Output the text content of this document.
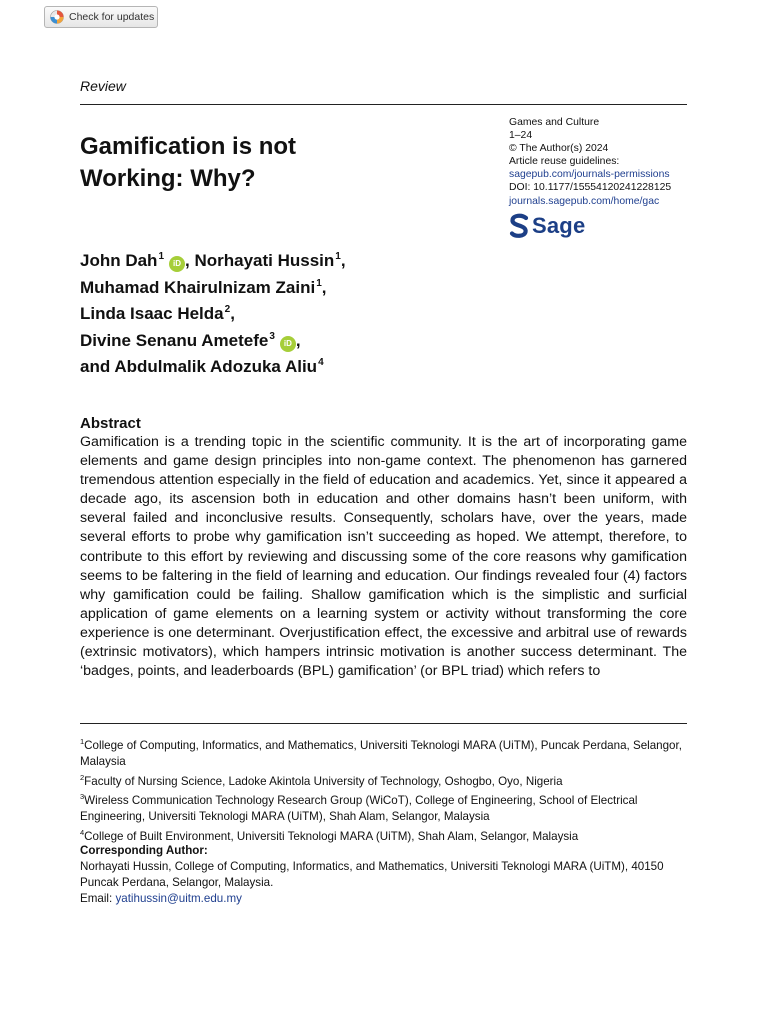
Check for updates
Review
Games and Culture
1–24
© The Author(s) 2024
Article reuse guidelines:
sagepub.com/journals-permissions
DOI: 10.1177/15554120241228125
journals.sagepub.com/home/gac
Sage
Gamification is not
Working: Why?
John Dah$^1$iD , Norhayati Hussin$^1$,
Muhamad Khairulnizam Zaini$^1$,
Linda Isaac Helda$^2$,
Divine Senanu Ametefe$^3$iD ,
and Abdulmalik Adozuka Aliu$^4$
Abstract
Gamification is a trending topic in the scientific community. It is the art of incorporating game elements and game design principles into non-game context. The phenomenon has garnered tremendous attention especially in the field of education and academics. Yet, since it appeared a decade ago, its ascension both in education and other domains hasn’t been uniform, with several failed and inconclusive results. Consequently, scholars have, over the years, made several efforts to probe why gamification isn’t succeeding as hoped. We attempt, therefore, to contribute to this effort by reviewing and discussing some of the core reasons why gamification seems to be faltering in the field of learning and education. Our findings revealed four (4) factors why gamification could be failing. Shallow gamification which is the simplistic and surficial application of game elements on a learning system or activity without transforming the core experience is one determinant. Overjustification effect, the excessive and arbitral use of rewards (extrinsic motivators), which hampers intrinsic motivation is another success determinant. The ‘badges, points, and leaderboards (BPL) gamification’ (or BPL triad) which refers to

$^1$College of Computing, Informatics, and Mathematics, Universiti Teknologi MARA (UiTM), Puncak Perdana, Selangor, Malaysia

$^2$Faculty of Nursing Science, Ladoke Akintola University of Technology, Oshogbo, Oyo, Nigeria

$^3$Wireless Communication Technology Research Group (WiCoT), College of Engineering, School of Electrical Engineering, Universiti Teknologi MARA (UiTM), Shah Alam, Selangor, Malaysia

$^4$College of Built Environment, Universiti Teknologi MARA (UiTM), Shah Alam, Selangor, Malaysia

Corresponding Author:
Norhayati Hussin, College of Computing, Informatics, and Mathematics, Universiti Teknologi MARA (UiTM), 40150 Puncak Perdana, Selangor, Malaysia.
Email: yatihussin@uitm.edu.my
